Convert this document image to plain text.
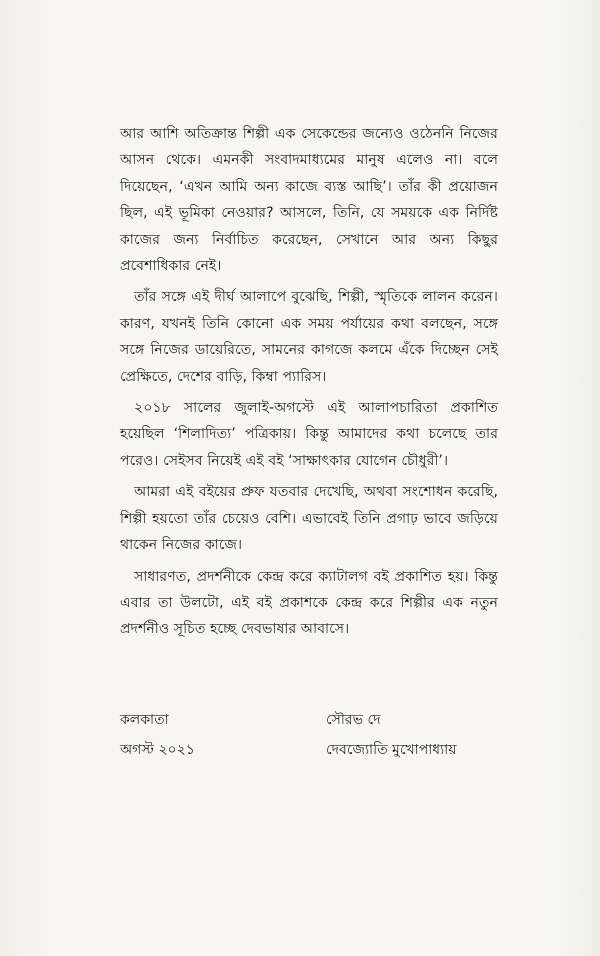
আর আশি অতিক্রান্ত শিল্পী এক সেকেন্ডের জন্যেও ওঠেননি নিজের আসন থেকে। এমনকী সংবাদমাধ্যমের মানুষ এলেও না। বলে দিয়েছেন, ‘এখন আমি অন্য কাজে ব্যস্ত আছি’। তাঁর কী প্রয়োজন ছিল, এই ভূমিকা নেওয়ার? আসলে, তিনি, যে সময়কে এক নির্দিষ্ট কাজের জন্য নির্বাচিত করেছেন, সেখানে আর অন্য কিছুর প্রবেশাধিকার নেই।

তাঁর সঙ্গে এই দীর্ঘ আলাপে বুঝেছি, শিল্পী, স্মৃতিকে লালন করেন। কারণ, যখনই তিনি কোনো এক সময় পর্যায়ের কথা বলছেন, সঙ্গে সঙ্গে নিজের ডায়েরিতে, সামনের কাগজে কলমে এঁকে দিচ্ছেন সেই প্রেক্ষিতে, দেশের বাড়ি, কিম্বা প্যারিস।

২০১৮ সালের জুলাই-অগস্টে এই আলাপচারিতা প্রকাশিত হয়েছিল ‘শিলাদিত্য’ পত্রিকায়। কিন্তু আমাদের কথা চলেছে তার পরেও। সেইসব নিয়েই এই বই ‘সাক্ষাৎকার যোগেন চৌধুরী’।

আমরা এই বইয়ের প্রুফ যতবার দেখেছি, অথবা সংশোধন করেছি, শিল্পী হয়তো তাঁর চেয়েও বেশি। এভাবেই তিনি প্রগাঢ় ভাবে জড়িয়ে থাকেন নিজের কাজে।

সাধারণত, প্রদর্শনীকে কেন্দ্র করে ক্যাটালগ বই প্রকাশিত হয়। কিন্তু এবার তা উলটো, এই বই প্রকাশকে কেন্দ্র করে শিল্পীর এক নতুন প্রদর্শনীও সূচিত হচ্ছে দেবভাষার আবাসে।

কলকাতা
অগস্ট ২০২১
সৌরভ দে
দেবজ্যোতি মুখোপাধ্যায়
